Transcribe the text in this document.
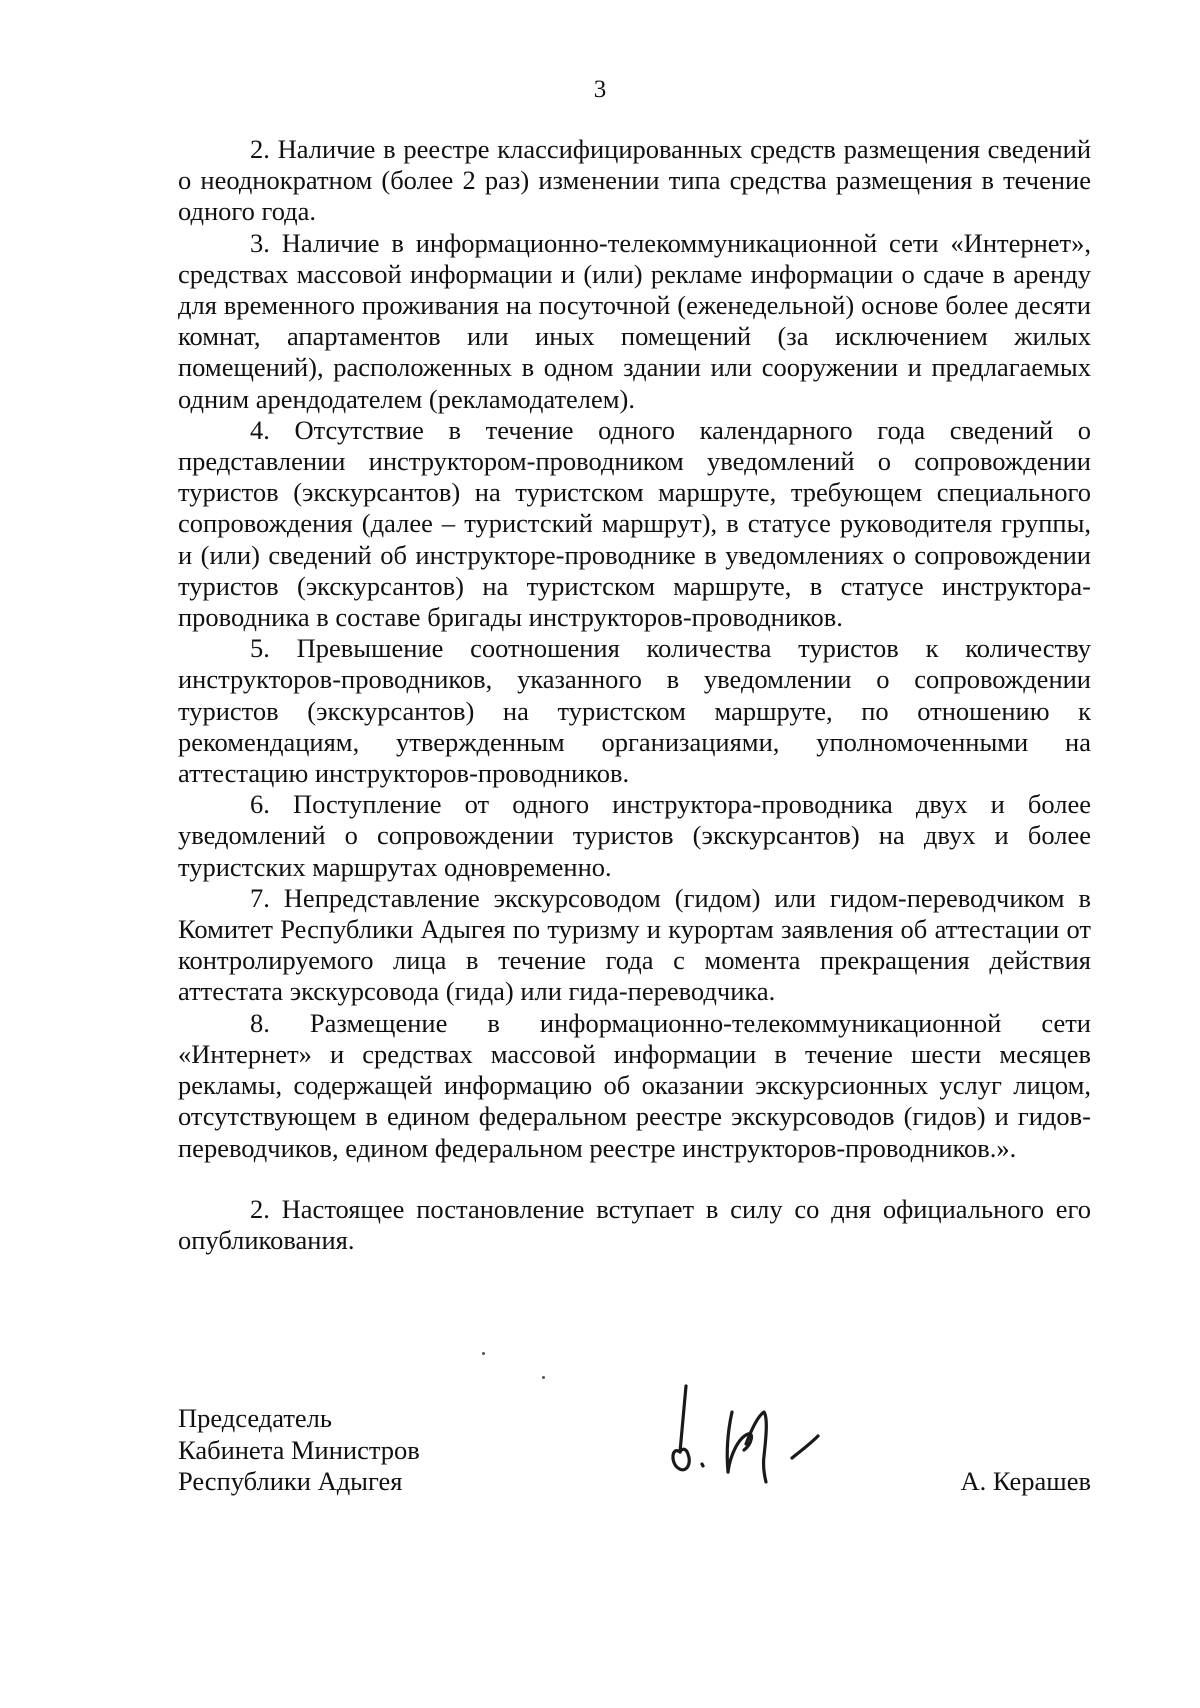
3

2. Наличие в реестре классифицированных средств размещения сведений о неоднократном (более 2 раз) изменении типа средства размещения в течение одного года.

3. Наличие в информационно-телекоммуникационной сети «Интернет», средствах массовой информации и (или) рекламе информации о сдаче в аренду для временного проживания на посуточной (еженедельной) основе более десяти комнат, апартаментов или иных помещений (за исключением жилых помещений), расположенных в одном здании или сооружении и предлагаемых одним арендодателем (рекламодателем).

4. Отсутствие в течение одного календарного года сведений о представлении инструктором-проводником уведомлений о сопровождении туристов (экскурсантов) на туристском маршруте, требующем специального сопровождения (далее – туристский маршрут), в статусе руководителя группы, и (или) сведений об инструкторе-проводнике в уведомлениях о сопровождении туристов (экскурсантов) на туристском маршруте, в статусе инструктора-проводника в составе бригады инструкторов-проводников.

5. Превышение соотношения количества туристов к количеству инструкторов-проводников, указанного в уведомлении о сопровождении туристов (экскурсантов) на туристском маршруте, по отношению к рекомендациям, утвержденным организациями, уполномоченными на аттестацию инструкторов-проводников.

6. Поступление от одного инструктора-проводника двух и более уведомлений о сопровождении туристов (экскурсантов) на двух и более туристских маршрутах одновременно.

7. Непредставление экскурсоводом (гидом) или гидом-переводчиком в Комитет Республики Адыгея по туризму и курортам заявления об аттестации от контролируемого лица в течение года с момента прекращения действия аттестата экскурсовода (гида) или гида-переводчика.

8. Размещение в информационно-телекоммуникационной сети «Интернет» и средствах массовой информации в течение шести месяцев рекламы, содержащей информацию об оказании экскурсионных услуг лицом, отсутствующем в едином федеральном реестре экскурсоводов (гидов) и гидов-переводчиков, едином федеральном реестре инструкторов-проводников.».

2. Настоящее постановление вступает в силу со дня официального его опубликования.

Председатель
Кабинета Министров
Республики Адыгея	А. Керашев
